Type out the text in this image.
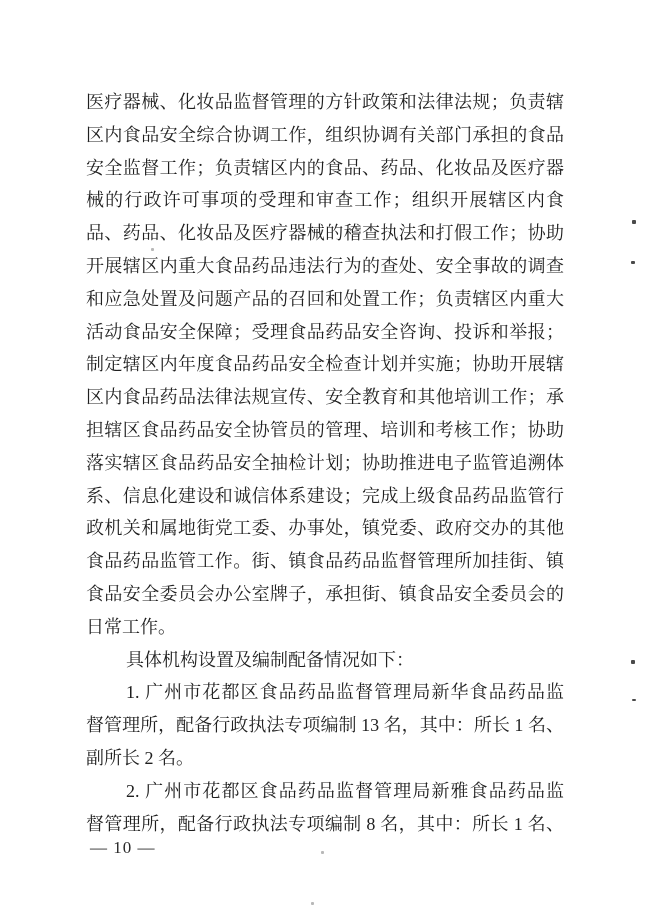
医疗器械、化妆品监督管理的方针政策和法律法规；负责辖
区内食品安全综合协调工作，组织协调有关部门承担的食品
安全监督工作；负责辖区内的食品、药品、化妆品及医疗器
械的行政许可事项的受理和审查工作；组织开展辖区内食
品、药品、化妆品及医疗器械的稽查执法和打假工作；协助
开展辖区内重大食品药品违法行为的查处、安全事故的调查
和应急处置及问题产品的召回和处置工作；负责辖区内重大
活动食品安全保障；受理食品药品安全咨询、投诉和举报；
制定辖区内年度食品药品安全检查计划并实施；协助开展辖
区内食品药品法律法规宣传、安全教育和其他培训工作；承
担辖区食品药品安全协管员的管理、培训和考核工作；协助
落实辖区食品药品安全抽检计划；协助推进电子监管追溯体
系、信息化建设和诚信体系建设；完成上级食品药品监管行
政机关和属地街党工委、办事处，镇党委、政府交办的其他
食品药品监管工作。街、镇食品药品监督管理所加挂街、镇
食品安全委员会办公室牌子，承担街、镇食品安全委员会的
日常工作。
具体机构设置及编制配备情况如下：
1. 广州市花都区食品药品监督管理局新华食品药品监
督管理所，配备行政执法专项编制 13 名，其中：所长 1 名、
副所长 2 名。
2. 广州市花都区食品药品监督管理局新雅食品药品监
督管理所，配备行政执法专项编制 8 名，其中：所长 1 名、
— 10 —
